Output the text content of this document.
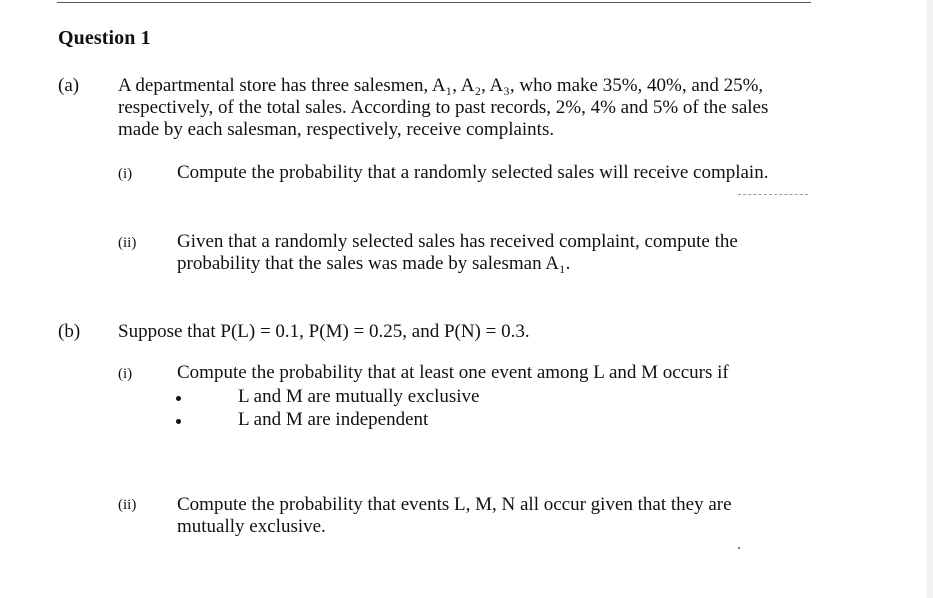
Question 1
(a) A departmental store has three salesmen, A₁, A₂, A₃, who make 35%, 40%, and 25%,
respectively, of the total sales. According to past records, 2%, 4% and 5% of the sales
made by each salesman, respectively, receive complaints.
(i) Compute the probability that a randomly selected sales will receive complain.
(ii) Given that a randomly selected sales has received complaint, compute the
probability that the sales was made by salesman A₁.
(b) Suppose that P(L) = 0.1, P(M) = 0.25, and P(N) = 0.3.
(i) Compute the probability that at least one event among L and M occurs if
L and M are mutually exclusive
L and M are independent
(ii) Compute the probability that events L, M, N all occur given that they are
mutually exclusive.
